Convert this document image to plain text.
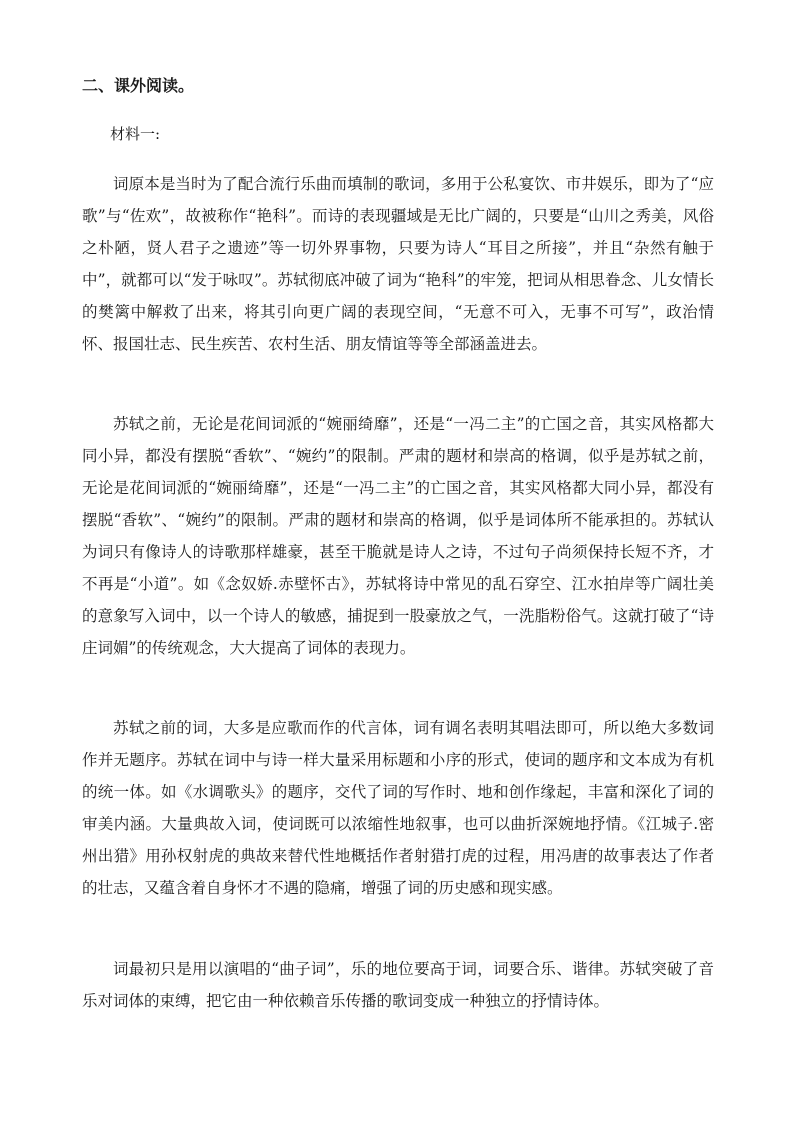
二、课外阅读。
材料一:

词原本是当时为了配合流行乐曲而填制的歌词，多用于公私宴饮、市井娱乐，即为了“应歌”与“佐欢”，故被称作“艳科”。而诗的表现疆域是无比广阔的，只要是“山川之秀美，风俗之朴陋，贤人君子之遗迹”等一切外界事物，只要为诗人“耳目之所接”，并且“杂然有触于中”，就都可以“发于咏叹”。苏轼彻底冲破了词为“艳科”的牢笼，把词从相思眷念、儿女情长的樊篱中解救了出来，将其引向更广阔的表现空间，“无意不可入，无事不可写”，政治情怀、报国壮志、民生疾苦、农村生活、朋友情谊等等全部涵盖进去。

苏轼之前，无论是花间词派的“婉丽绮靡”，还是“一冯二主”的亡国之音，其实风格都大同小异，都没有摆脱“香软”、“婉约”的限制。严肃的题材和崇高的格调，似乎是苏轼之前，无论是花间词派的“婉丽绮靡”，还是“一冯二主”的亡国之音，其实风格都大同小异，都没有摆脱“香软”、“婉约”的限制。严肃的题材和崇高的格调，似乎是词体所不能承担的。苏轼认为词只有像诗人的诗歌那样雄豪，甚至干脆就是诗人之诗，不过句子尚须保持长短不齐，才不再是“小道”。如《念奴娇.赤壁怀古》，苏轼将诗中常见的乱石穿空、江水拍岸等广阔壮美的意象写入词中，以一个诗人的敏感，捕捉到一股豪放之气，一洗脂粉俗气。这就打破了“诗庄词媚”的传统观念，大大提高了词体的表现力。

苏轼之前的词，大多是应歌而作的代言体，词有调名表明其唱法即可，所以绝大多数词作并无题序。苏轼在词中与诗一样大量采用标题和小序的形式，使词的题序和文本成为有机的统一体。如《水调歌头》的题序，交代了词的写作时、地和创作缘起，丰富和深化了词的审美内涵。大量典故入词，使词既可以浓缩性地叙事，也可以曲折深婉地抒情。《江城子.密州出猎》用孙权射虎的典故来替代性地概括作者射猎打虎的过程，用冯唐的故事表达了作者的壮志，又蕴含着自身怀才不遇的隐痛，增强了词的历史感和现实感。

词最初只是用以演唱的“曲子词”，乐的地位要高于词，词要合乐、谐律。苏轼突破了音乐对词体的束缚，把它由一种依赖音乐传播的歌词变成一种独立的抒情诗体。
